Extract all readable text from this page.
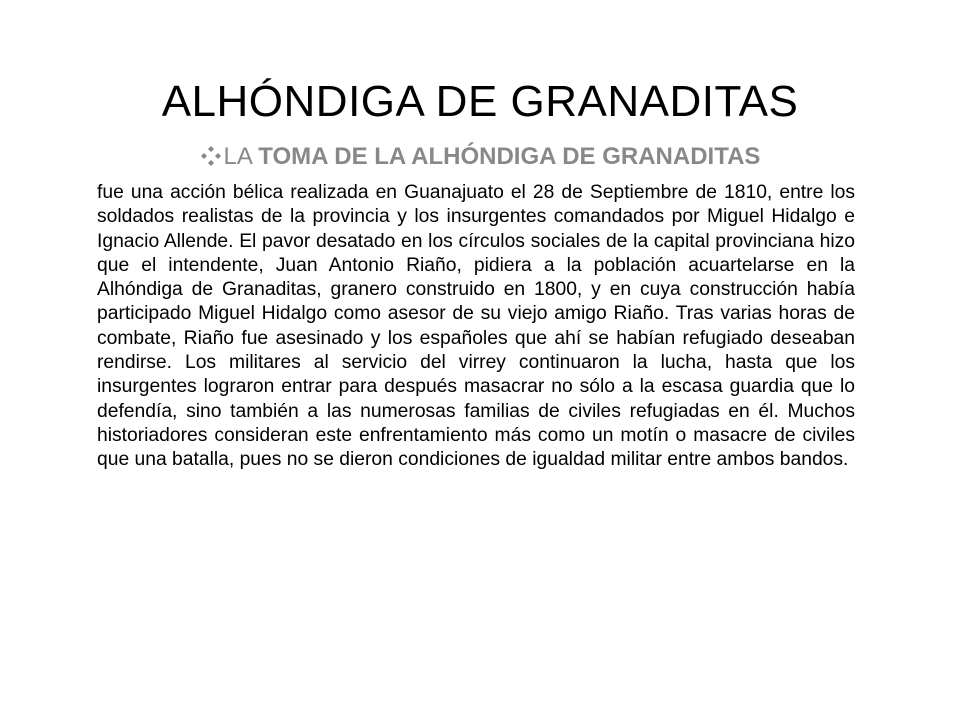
ALHÓNDIGA DE GRANADITAS
LA TOMA DE LA ALHÓNDIGA DE GRANADITAS
fue una acción bélica realizada en Guanajuato el 28 de Septiembre de 1810, entre los soldados realistas de la provincia y los insurgentes comandados por Miguel Hidalgo e Ignacio Allende. El pavor desatado en los círculos sociales de la capital provinciana hizo que el intendente, Juan Antonio Riaño, pidiera a la población acuartelarse en la Alhóndiga de Granaditas, granero construido en 1800, y en cuya construcción había participado Miguel Hidalgo como asesor de su viejo amigo Riaño. Tras varias horas de combate, Riaño fue asesinado y los españoles que ahí se habían refugiado deseaban rendirse. Los militares al servicio del virrey continuaron la lucha, hasta que los insurgentes lograron entrar para después masacrar no sólo a la escasa guardia que lo defendía, sino también a las numerosas familias de civiles refugiadas en él. Muchos historiadores consideran este enfrentamiento más como un motín o masacre de civiles que una batalla, pues no se dieron condiciones de igualdad militar entre ambos bandos.
